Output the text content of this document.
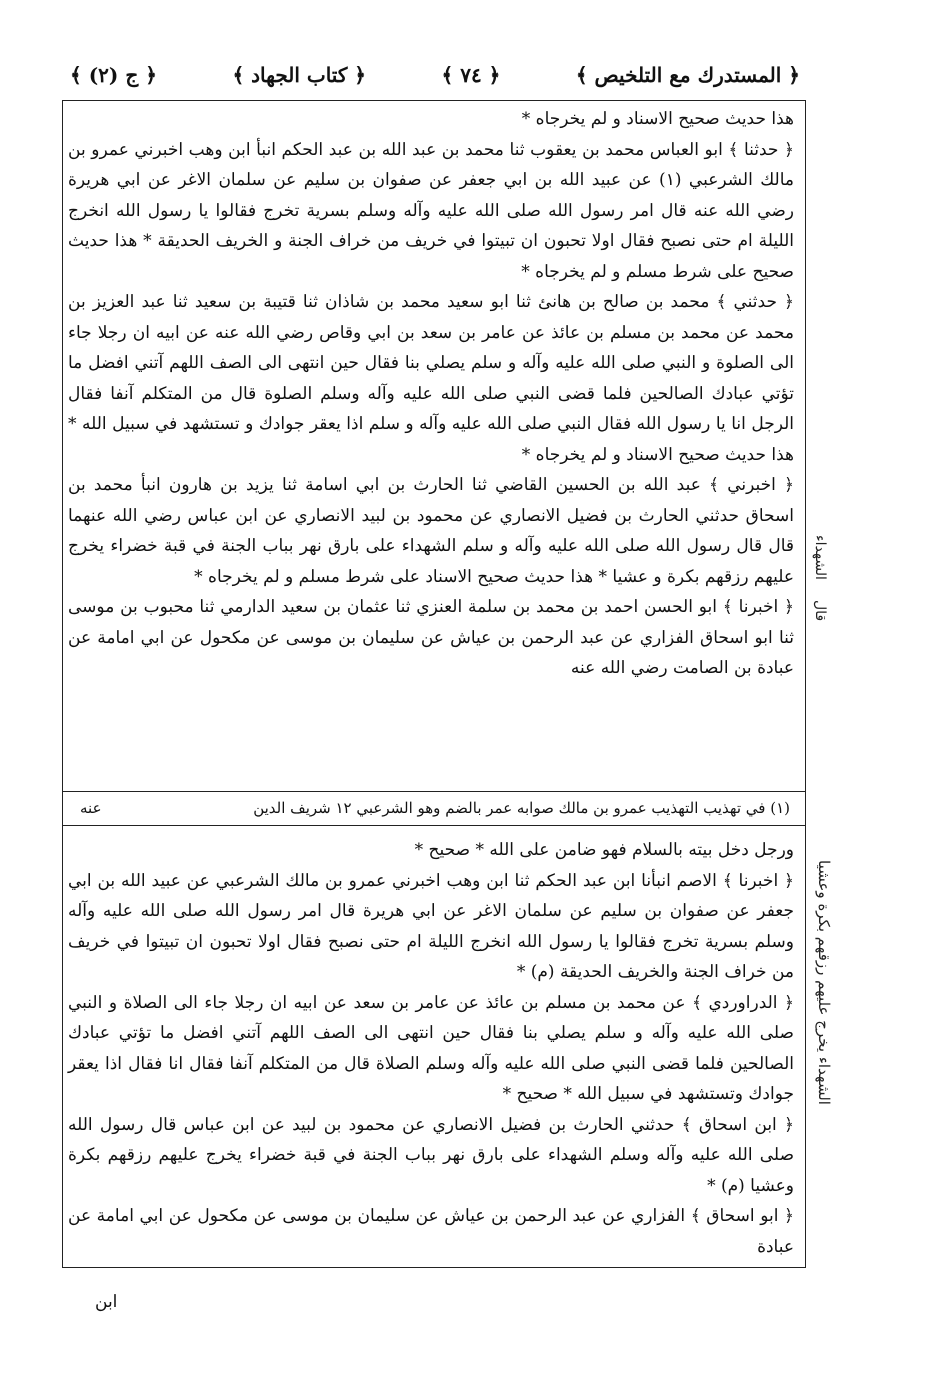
﴿ المستدرك مع التلخيص ﴾
﴿ ٧٤ ﴾
﴿ كتاب الجهاد ﴾
﴿ ج (٢) ﴾

هذا حديث صحيح الاسناد و لم يخرجاه *

﴿ حدثنا ﴾ ابو العباس محمد بن يعقوب ثنا محمد بن عبد الله بن عبد الحكم انبأ ابن وهب اخبرني عمرو بن مالك الشرعبي (١) عن عبيد الله بن ابي جعفر عن صفوان بن سليم عن سلمان الاغر عن ابي هريرة رضي الله عنه قال امر رسول الله صلى الله عليه وآله وسلم بسرية تخرج فقالوا يا رسول الله انخرج الليلة ام حتى نصبح فقال اولا تحبون ان تبيتوا في خريف من خراف الجنة و الخريف الحديقة * هذا حديث صحيح على شرط مسلم و لم يخرجاه *

﴿ حدثني ﴾ محمد بن صالح بن هانئ ثنا ابو سعيد محمد بن شاذان ثنا قتيبة بن سعيد ثنا عبد العزيز بن محمد عن محمد بن مسلم بن عائذ عن عامر بن سعد بن ابي وقاص رضي الله عنه عن ابيه ان رجلا جاء الى الصلوة و النبي صلى الله عليه وآله و سلم يصلي بنا فقال حين انتهى الى الصف اللهم آتني افضل ما تؤتي عبادك الصالحين فلما قضى النبي صلى الله عليه وآله وسلم الصلوة قال من المتكلم آنفا فقال الرجل انا يا رسول الله فقال النبي صلى الله عليه وآله و سلم اذا يعقر جوادك و تستشهد في سبيل الله * هذا حديث صحيح الاسناد و لم يخرجاه *

﴿ اخبرني ﴾ عبد الله بن الحسين القاضي ثنا الحارث بن ابي اسامة ثنا يزيد بن هارون انبأ محمد بن اسحاق حدثني الحارث بن فضيل الانصاري عن محمود بن لبيد الانصاري عن ابن عباس رضي الله عنهما قال قال رسول الله صلى الله عليه وآله و سلم الشهداء على بارق نهر بباب الجنة في قبة خضراء يخرج عليهم رزقهم بكرة و عشيا * هذا حديث صحيح الاسناد على شرط مسلم و لم يخرجاه *

﴿ اخبرنا ﴾ ابو الحسن احمد بن محمد بن سلمة العنزي ثنا عثمان بن سعيد الدارمي ثنا محبوب بن موسى ثنا ابو اسحاق الفزاري عن عبد الرحمن بن عياش عن سليمان بن موسى عن مكحول عن ابي امامة عن عبادة بن الصامت رضي الله عنه

(١) في تهذيب التهذيب عمرو بن مالك صوابه عمر بالضم وهو الشرعبي ١٢ شريف الدين
عنه

ورجل دخل بيته بالسلام فهو ضامن على الله * صحيح *

﴿ اخبرنا ﴾ الاصم انبأنا ابن عبد الحكم ثنا ابن وهب اخبرني عمرو بن مالك الشرعبي عن عبيد الله بن ابي جعفر عن صفوان بن سليم عن سلمان الاغر عن ابي هريرة قال امر رسول الله صلى الله عليه وآله وسلم بسرية تخرج فقالوا يا رسول الله انخرج الليلة ام حتى نصبح فقال اولا تحبون ان تبيتوا في خريف من خراف الجنة والخريف الحديقة (م) *

﴿ الدراوردي ﴾ عن محمد بن مسلم بن عائذ عن عامر بن سعد عن ابيه ان رجلا جاء الى الصلاة و النبي صلى الله عليه وآله و سلم يصلي بنا فقال حين انتهى الى الصف اللهم آتني افضل ما تؤتي عبادك الصالحين فلما قضى النبي صلى الله عليه وآله وسلم الصلاة قال من المتكلم آنفا فقال انا فقال اذا يعقر جوادك وتستشهد في سبيل الله * صحيح *

﴿ ابن اسحاق ﴾ حدثني الحارث بن فضيل الانصاري عن محمود بن لبيد عن ابن عباس قال رسول الله صلى الله عليه وآله وسلم الشهداء على بارق نهر بباب الجنة في قبة خضراء يخرج عليهم رزقهم بكرة وعشيا (م) *

﴿ ابو اسحاق ﴾ الفزاري عن عبد الرحمن بن عياش عن سليمان بن موسى عن مكحول عن ابي امامة عن عبادة

الشهداء
قال
الشهداء يخرج عليهم رزقهم بكرة وعشيا
ابن
